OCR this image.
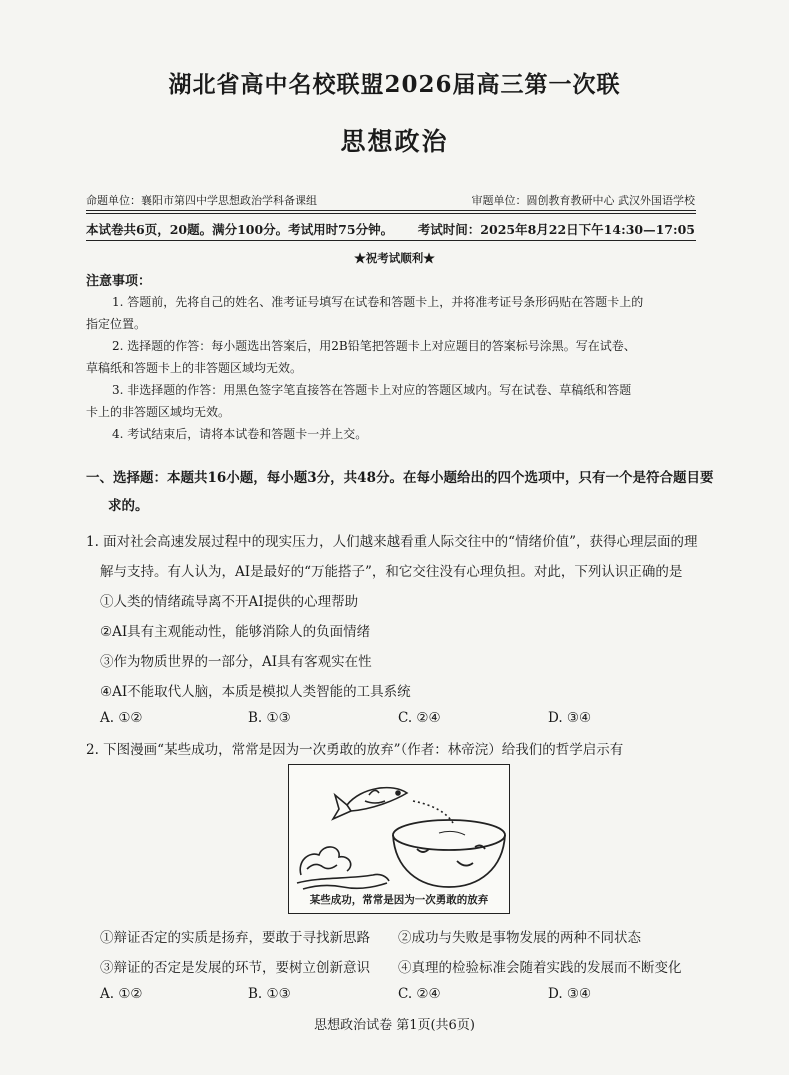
湖北省高中名校联盟2026届高三第一次联
思想政治
命题单位：襄阳市第四中学思想政治学科备课组	审题单位：圆创教育教研中心 武汉外国语学校
本试卷共6页，20题。满分100分。考试用时75分钟。 考试时间：2025年8月22日下午14:30—17:05
★祝考试顺利★
注意事项：
1. 答题前，先将自己的姓名、准考证号填写在试卷和答题卡上，并将准考证号条形码贴在答题卡上的
指定位置。
2. 选择题的作答：每小题选出答案后，用2B铅笔把答题卡上对应题目的答案标号涂黑。写在试卷、
草稿纸和答题卡上的非答题区域均无效。
3. 非选择题的作答：用黑色签字笔直接答在答题卡上对应的答题区域内。写在试卷、草稿纸和答题
卡上的非答题区域均无效。
4. 考试结束后，请将本试卷和答题卡一并上交。
一、选择题：本题共16小题，每小题3分，共48分。在每小题给出的四个选项中，只有一个是符合题目要
求的。
1. 面对社会高速发展过程中的现实压力，人们越来越看重人际交往中的“情绪价值”，获得心理层面的理
解与支持。有人认为，AI是最好的“万能搭子”，和它交往没有心理负担。对此，下列认识正确的是
①人类的情绪疏导离不开AI提供的心理帮助
②AI具有主观能动性，能够消除人的负面情绪
③作为物质世界的一部分，AI具有客观实在性
④AI不能取代人脑，本质是模拟人类智能的工具系统
A. ①②	B. ①③	C. ②④	D. ③④
2. 下图漫画“某些成功，常常是因为一次勇敢的放弃”（作者：林帝浣）给我们的哲学启示有
某些成功，常常是因为一次勇敢的放弃
①辩证否定的实质是扬弃，要敢于寻找新思路 ②成功与失败是事物发展的两种不同状态
③辩证的否定是发展的环节，要树立创新意识 ④真理的检验标准会随着实践的发展而不断变化
A. ①②	B. ①③	C. ②④	D. ③④
思想政治试卷 第1页(共6页)
